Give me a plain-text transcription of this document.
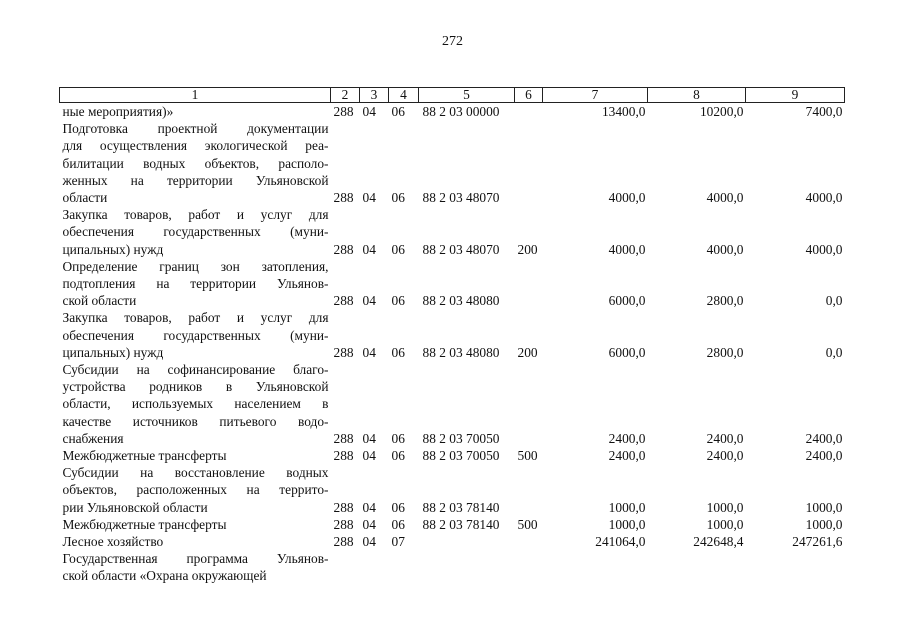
272
1	2	3	4	5	6	7	8	9

ные мероприятия)»	288	04	06	88 2 03 00000		13400,0	10200,0	7400,0

Подготовка проектной документации
для осуществления экологической реа-
билитации водных объектов, располо-
женных на территории Ульяновской
области	288	04	06	88 2 03 48070		4000,0	4000,0	4000,0

Закупка товаров, работ и услуг для
обеспечения государственных (муни-
ципальных) нужд	288	04	06	88 2 03 48070	200	4000,0	4000,0	4000,0

Определение границ зон затопления,
подтопления на территории Ульянов-
ской области	288	04	06	88 2 03 48080		6000,0	2800,0	0,0

Закупка товаров, работ и услуг для
обеспечения государственных (муни-
ципальных) нужд	288	04	06	88 2 03 48080	200	6000,0	2800,0	0,0

Субсидии на софинансирование благо-
устройства родников в Ульяновской
области, используемых населением в
качестве источников питьевого водо-
снабжения	288	04	06	88 2 03 70050		2400,0	2400,0	2400,0

Межбюджетные трансферты	288	04	06	88 2 03 70050	500	2400,0	2400,0	2400,0

Субсидии на восстановление водных
объектов, расположенных на террито-
рии Ульяновской области	288	04	06	88 2 03 78140		1000,0	1000,0	1000,0

Межбюджетные трансферты	288	04	06	88 2 03 78140	500	1000,0	1000,0	1000,0

Лесное хозяйство	288	04	07			241064,0	242648,4	247261,6

Государственная программа Ульянов-
ской области «Охрана окружающей								
